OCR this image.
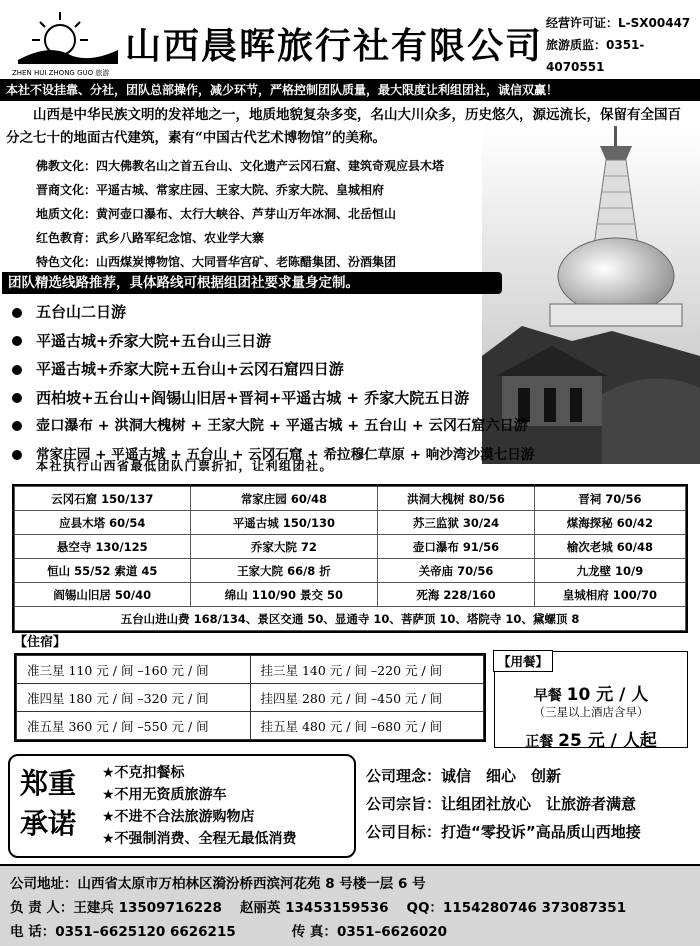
ZHEN HUI ZHONG GUO 旅游
山西晨晖旅行社有限公司
经营许可证：L-SX00447
旅游质监：0351-4070551
本社不设挂靠、分社，团队总部操作，减少环节，严格控制团队质量，最大限度让利组团社，诚信双赢！
山西是中华民族文明的发祥地之一，地质地貌复杂多变，名山大川众多，历史悠久，源远流长，保留有全国百分之七十的地面古代建筑，素有“中国古代艺术博物馆”的美称。
佛教文化：四大佛教名山之首五台山、文化遗产云冈石窟、建筑奇观应县木塔
晋商文化：平遥古城、常家庄园、王家大院、乔家大院、皇城相府
地质文化：黄河壶口瀑布、太行大峡谷、芦芽山万年冰洞、北岳恒山
红色教育：武乡八路军纪念馆、农业学大寨
特色文化：山西煤炭博物馆、大同晋华宫矿、老陈醋集团、汾酒集团
团队精选线路推荐，具体路线可根据组团社要求量身定制。
五台山二日游
平遥古城+乔家大院+五台山三日游
平遥古城+乔家大院+五台山+云冈石窟四日游
西柏坡+五台山+阎锡山旧居+晋祠+平遥古城 + 乔家大院五日游
壶口瀑布 + 洪洞大槐树 + 王家大院 + 平遥古城 + 五台山 + 云冈石窟六日游
常家庄园 + 平遥古城 + 五台山 + 云冈石窟 + 希拉穆仁草原 + 响沙湾沙漠七日游
本社执行山西省最低团队门票折扣，让利组团社。
云冈石窟 150/137	常家庄园 60/48	洪洞大槐树 80/56	晋祠 70/56
应县木塔 60/54	平遥古城 150/130	苏三监狱 30/24	煤海探秘 60/42
悬空寺 130/125	乔家大院 72	壶口瀑布 91/56	榆次老城 60/48
恒山 55/52 索道 45	王家大院 66/8 折	关帝庙 70/56	九龙壁 10/9
阎锡山旧居 50/40	绵山 110/90 景交 50	死海 228/160	皇城相府 100/70
五台山进山费 168/134、景区交通 50、显通寺 10、菩萨顶 10、塔院寺 10、黛螺顶 8			
【住宿】
准三星 110 元 / 间 –160 元 / 间	挂三星 140 元 / 间 –220 元 / 间
准四星 180 元 / 间 –320 元 / 间	挂四星 280 元 / 间 –450 元 / 间
准五星 360 元 / 间 –550 元 / 间	挂五星 480 元 / 间 –680 元 / 间
【用餐】
早餐 10 元 / 人
（三星以上酒店含早）
正餐 25 元 / 人起
郑重承诺
★不克扣餐标
★不用无资质旅游车
★不进不合法旅游购物店
★不强制消费、全程无最低消费
公司理念：诚信　细心　创新
公司宗旨：让组团社放心　让旅游者满意
公司目标：打造“零投诉”高品质山西地接
公司地址：山西省太原市万柏林区漪汾桥西滨河花苑 8 号楼一层 6 号
负 责 人：王建兵 13509716228 赵丽英 13453159536 QQ：1154280746 373087351
电 话：0351–6625120 6626215	传 真：0351–6626020
